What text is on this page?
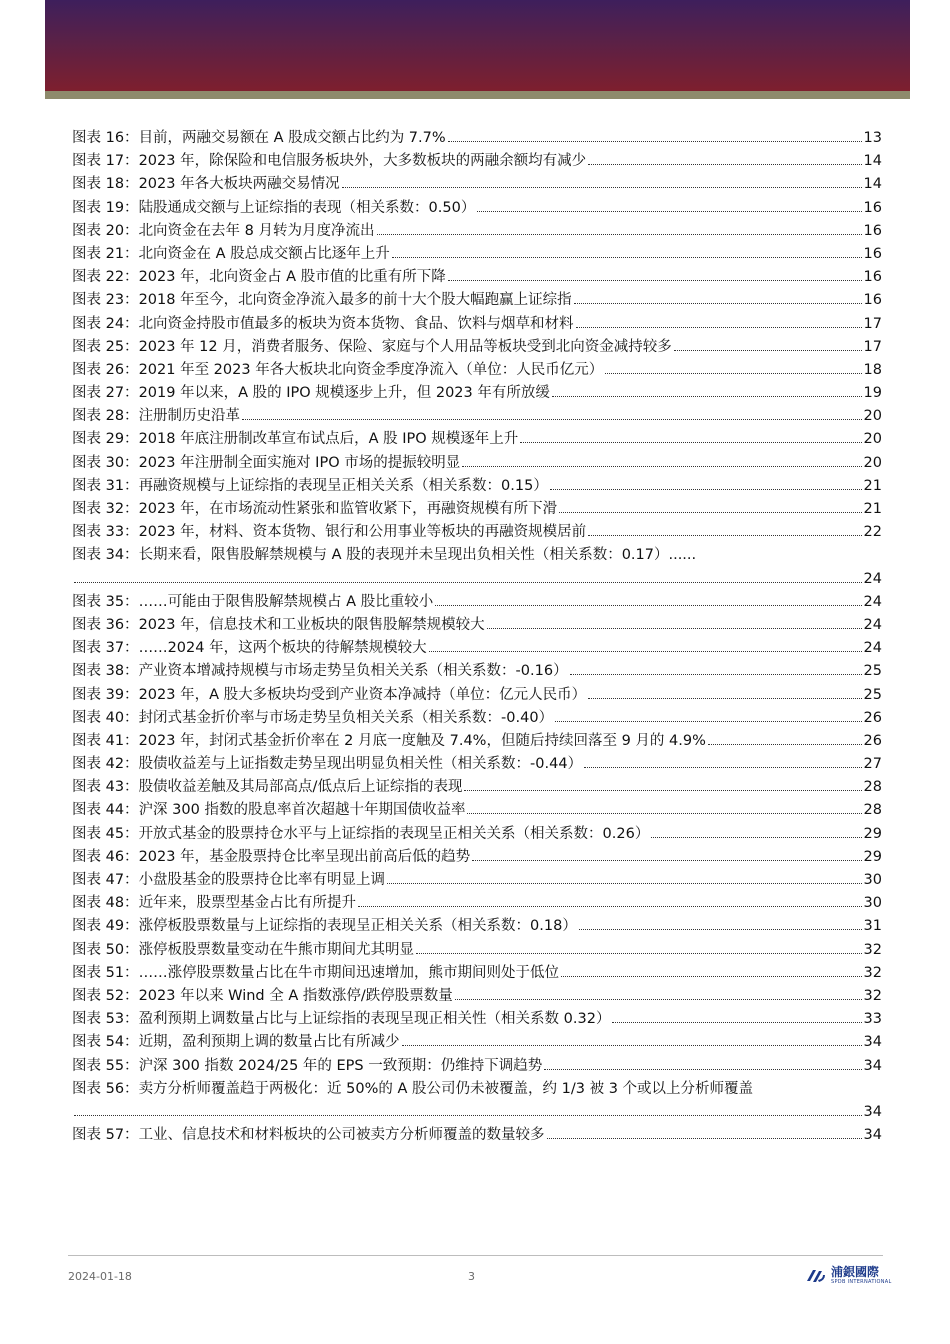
图表 16： 目前，两融交易额在 A 股成交额占比约为 7.7%	13
图表 17： 2023 年，除保险和电信服务板块外，大多数板块的两融余额均有减少	14
图表 18： 2023 年各大板块两融交易情况	14
图表 19： 陆股通成交额与上证综指的表现（相关系数：0.50）	16
图表 20： 北向资金在去年 8 月转为月度净流出	16
图表 21： 北向资金在 A 股总成交额占比逐年上升	16
图表 22： 2023 年，北向资金占 A 股市值的比重有所下降	16
图表 23： 2018 年至今，北向资金净流入最多的前十大个股大幅跑赢上证综指	16
图表 24： 北向资金持股市值最多的板块为资本货物、食品、饮料与烟草和材料	17
图表 25： 2023 年 12 月，消费者服务、保险、家庭与个人用品等板块受到北向资金减持较多	17
图表 26： 2021 年至 2023 年各大板块北向资金季度净流入（单位：人民币亿元）	18
图表 27： 2019 年以来，A 股的 IPO 规模逐步上升，但 2023 年有所放缓	19
图表 28： 注册制历史沿革	20
图表 29： 2018 年底注册制改革宣布试点后，A 股 IPO 规模逐年上升	20
图表 30： 2023 年注册制全面实施对 IPO 市场的提振较明显	20
图表 31： 再融资规模与上证综指的表现呈正相关关系（相关系数：0.15）	21
图表 32： 2023 年，在市场流动性紧张和监管收紧下，再融资规模有所下滑	21
图表 33： 2023 年，材料、资本货物、银行和公用事业等板块的再融资规模居前	22
图表 34：长期来看，限售股解禁规模与 A 股的表现并未呈现出负相关性（相关系数：0.17）......
24
图表 35： ……可能由于限售股解禁规模占 A 股比重较小	24
图表 36： 2023 年，信息技术和工业板块的限售股解禁规模较大	24
图表 37： ……2024 年，这两个板块的待解禁规模较大	24
图表 38： 产业资本增减持规模与市场走势呈负相关关系（相关系数：-0.16）	25
图表 39： 2023 年，A 股大多板块均受到产业资本净减持（单位：亿元人民币）	25
图表 40： 封闭式基金折价率与市场走势呈负相关关系（相关系数：-0.40）	26
图表 41： 2023 年，封闭式基金折价率在 2 月底一度触及 7.4%，但随后持续回落至 9 月的 4.9%	26
图表 42： 股债收益差与上证指数走势呈现出明显负相关性（相关系数：-0.44）	27
图表 43： 股债收益差触及其局部高点/低点后上证综指的表现	28
图表 44： 沪深 300 指数的股息率首次超越十年期国债收益率	28
图表 45： 开放式基金的股票持仓水平与上证综指的表现呈正相关关系（相关系数：0.26）	29
图表 46： 2023 年，基金股票持仓比率呈现出前高后低的趋势	29
图表 47： 小盘股基金的股票持仓比率有明显上调	30
图表 48： 近年来，股票型基金占比有所提升	30
图表 49： 涨停板股票数量与上证综指的表现呈正相关关系（相关系数：0.18）	31
图表 50： 涨停板股票数量变动在牛熊市期间尤其明显	32
图表 51： ……涨停股票数量占比在牛市期间迅速增加，熊市期间则处于低位	32
图表 52： 2023 年以来 Wind 全 A 指数涨停/跌停股票数量	32
图表 53： 盈利预期上调数量占比与上证综指的表现呈现正相关性（相关系数 0.32）	33
图表 54： 近期，盈利预期上调的数量占比有所减少	34
图表 55： 沪深 300 指数 2024/25 年的 EPS 一致预期：仍维持下调趋势	34
图表 56：卖方分析师覆盖趋于两极化：近 50%的 A 股公司仍未被覆盖，约 1/3 被 3 个或以上分析师覆盖
34
图表 57： 工业、信息技术和材料板块的公司被卖方分析师覆盖的数量较多	34
2024-01-18	3	浦銀國際
SPDB INTERNATIONAL
